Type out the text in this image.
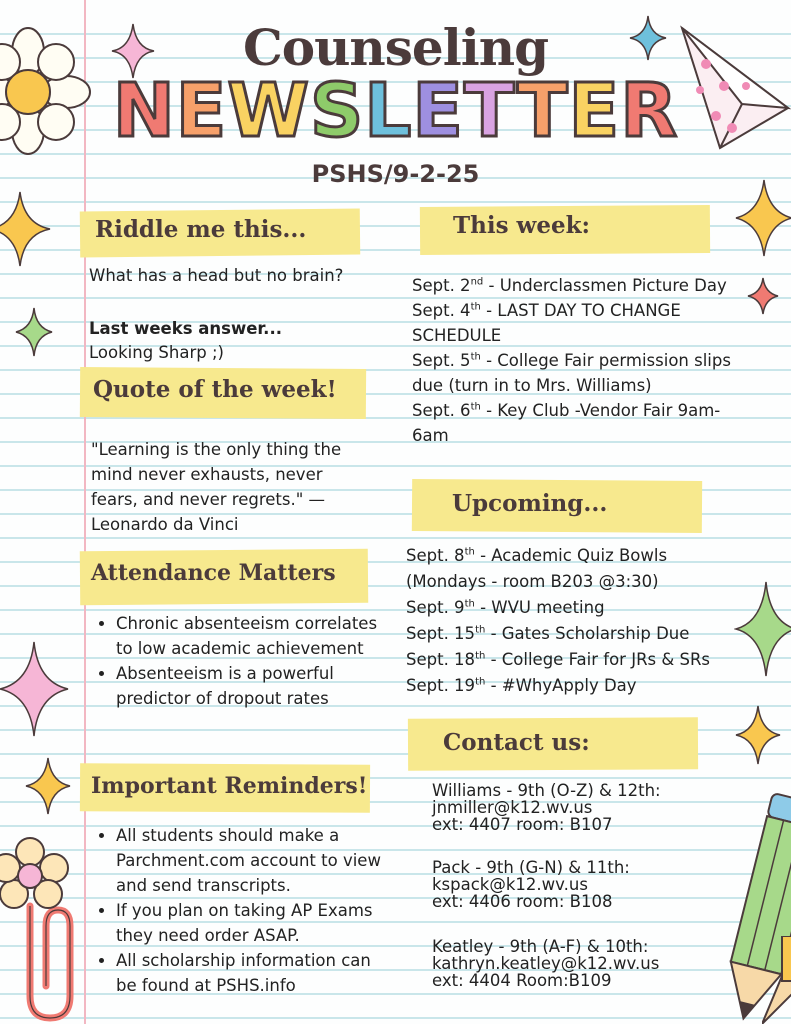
Counseling
NEWSLETTER
PSHS/9-2-25
Riddle me this...
What has a head but no brain?
Last weeks answer...
Looking Sharp ;)
Quote of the week!
"Learning is the only thing the mind never exhausts, never fears, and never regrets." — Leonardo da Vinci
Attendance Matters
• Chronic absenteeism correlates to low academic achievement
• Absenteeism is a powerful predictor of dropout rates
Important Reminders!
• All students should make a Parchment.com account to view and send transcripts.
• If you plan on taking AP Exams they need order ASAP.
• All scholarship information can be found at PSHS.info
This week:
Sept. 2nd - Underclassmen Picture Day
Sept. 4th - LAST DAY TO CHANGE SCHEDULE
Sept. 5th - College Fair permission slips due (turn in to Mrs. Williams)
Sept. 6th - Key Club -Vendor Fair 9am-6am
Upcoming...
Sept. 8th - Academic Quiz Bowls (Mondays - room B203 @3:30)
Sept. 9th - WVU meeting
Sept. 15th - Gates Scholarship Due
Sept. 18th - College Fair for JRs & SRs
Sept. 19th - #WhyApply Day
Contact us:
Williams - 9th (O-Z) & 12th:
jnmiller@k12.wv.us
ext: 4407 room: B107
Pack - 9th (G-N) & 11th:
kspack@k12.wv.us
ext: 4406 room: B108
Keatley - 9th (A-F) & 10th:
kathryn.keatley@k12.wv.us
ext: 4404 Room:B109
